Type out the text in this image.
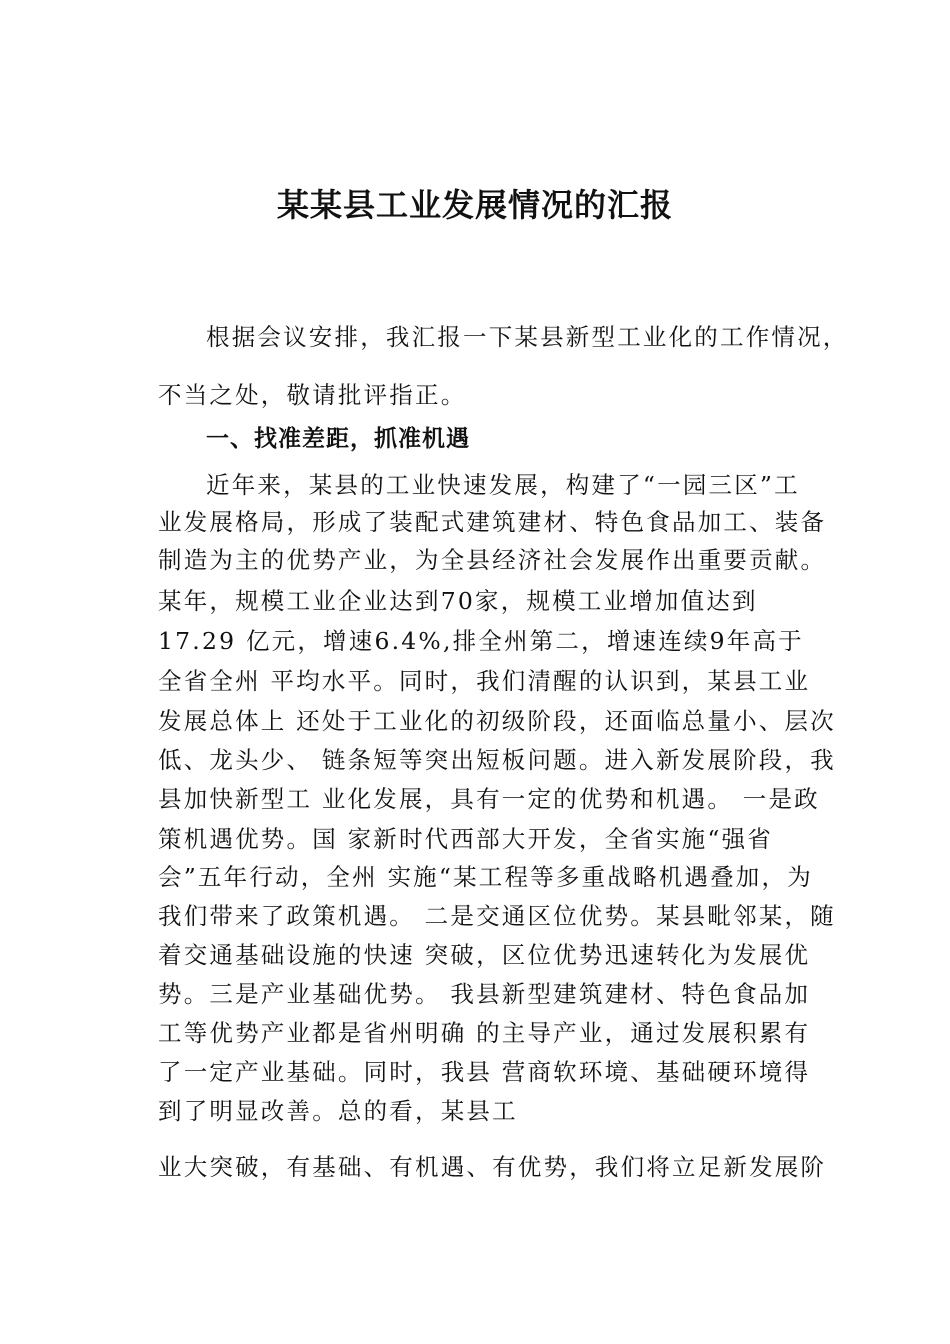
某某县工业发展情况的汇报
根据会议安排，我汇报一下某县新型工业化的工作情况，
不当之处，敬请批评指正。
一、找准差距，抓准机遇
近年来，某县的工业快速发展，构建了“一园三区”工
业发展格局，形成了装配式建筑建材、特色食品加工、装备
制造为主的优势产业，为全县经济社会发展作出重要贡献。
某年，规模工业企业达到70家，规模工业增加值达到
17.29 亿元，增速6.4%,排全州第二，增速连续9年高于
全省全州 平均水平。同时，我们清醒的认识到，某县工业
发展总体上 还处于工业化的初级阶段，还面临总量小、层次
低、龙头少、 链条短等突出短板问题。进入新发展阶段，我
县加快新型工 业化发展，具有一定的优势和机遇。 一是政
策机遇优势。国 家新时代西部大开发，全省实施“强省
会”五年行动，全州 实施“某工程等多重战略机遇叠加，为
我们带来了政策机遇。 二是交通区位优势。某县毗邻某，随
着交通基础设施的快速 突破，区位优势迅速转化为发展优
势。三是产业基础优势。 我县新型建筑建材、特色食品加
工等优势产业都是省州明确 的主导产业，通过发展积累有
了一定产业基础。同时，我县 营商软环境、基础硬环境得
到了明显改善。总的看，某县工
业大突破，有基础、有机遇、有优势，我们将立足新发展阶
